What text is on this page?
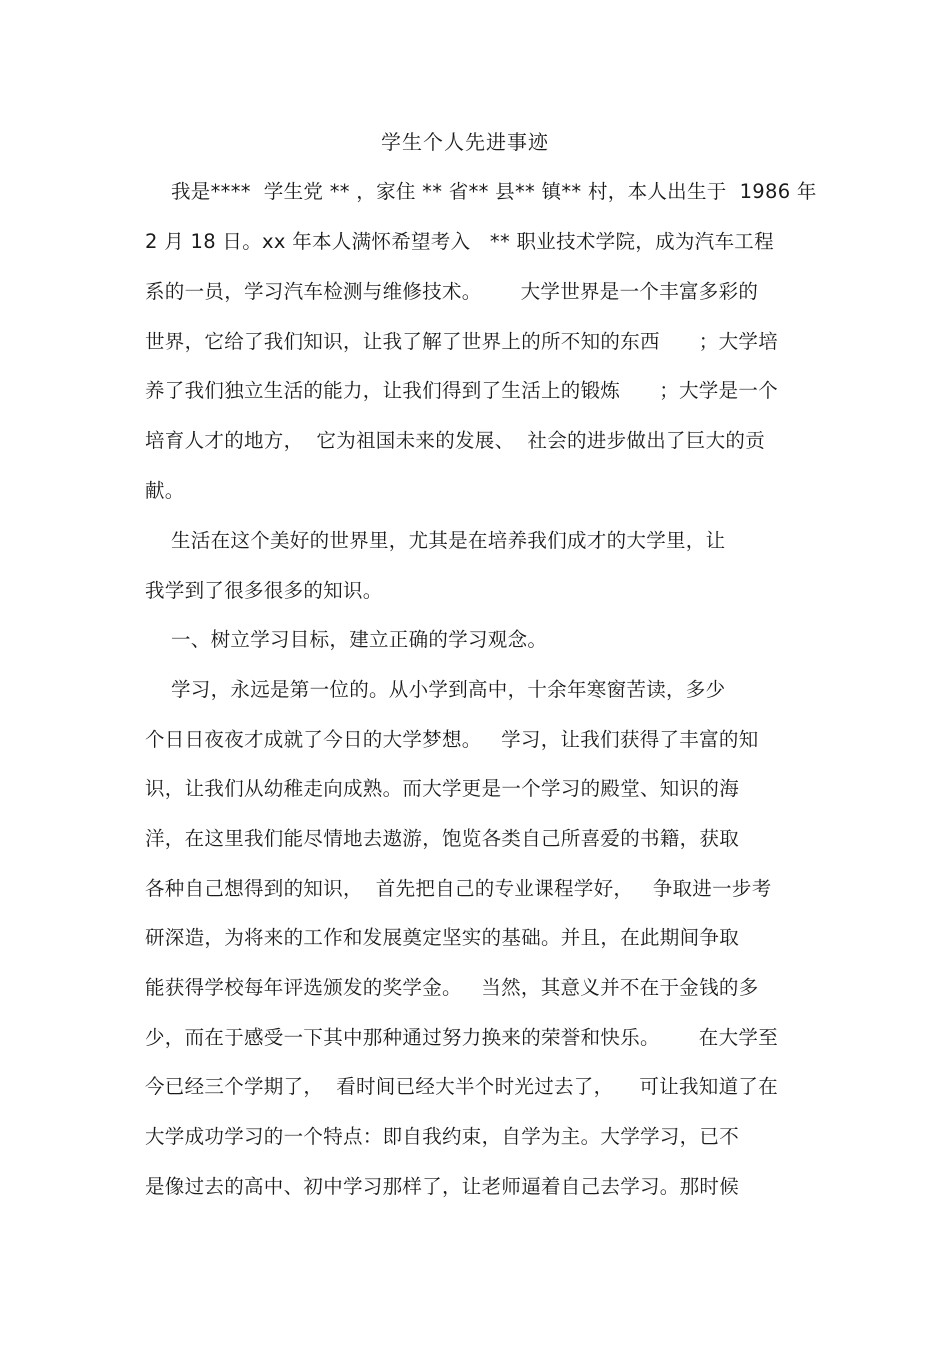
学生个人先进事迹
我是****  学生党 ** ，家住 ** 省** 县** 镇** 村，本人出生于  1986 年
2 月 18 日。xx 年本人满怀希望考入   ** 职业技术学院，成为汽车工程
系的一员，学习汽车检测与维修技术。      大学世界是一个丰富多彩的
世界，它给了我们知识，让我了解了世界上的所不知的东西      ；大学培
养了我们独立生活的能力，让我们得到了生活上的锻炼      ；大学是一个
培育人才的地方，  它为祖国未来的发展、  社会的进步做出了巨大的贡
献。
生活在这个美好的世界里，尤其是在培养我们成才的大学里，让
我学到了很多很多的知识。
一、树立学习目标，建立正确的学习观念。
学习，永远是第一位的。从小学到高中，十余年寒窗苦读，多少
个日日夜夜才成就了今日的大学梦想。   学习，让我们获得了丰富的知
识，让我们从幼稚走向成熟。而大学更是一个学习的殿堂、知识的海
洋，在这里我们能尽情地去遨游，饱览各类自己所喜爱的书籍，获取
各种自己想得到的知识，  首先把自己的专业课程学好，   争取进一步考
研深造，为将来的工作和发展奠定坚实的基础。并且，在此期间争取
能获得学校每年评选颁发的奖学金。   当然，其意义并不在于金钱的多
少，而在于感受一下其中那种通过努力换来的荣誉和快乐。      在大学至
今已经三个学期了，  看时间已经大半个时光过去了，    可让我知道了在
大学成功学习的一个特点：即自我约束，自学为主。大学学习，已不
是像过去的高中、初中学习那样了，让老师逼着自己去学习。那时候
